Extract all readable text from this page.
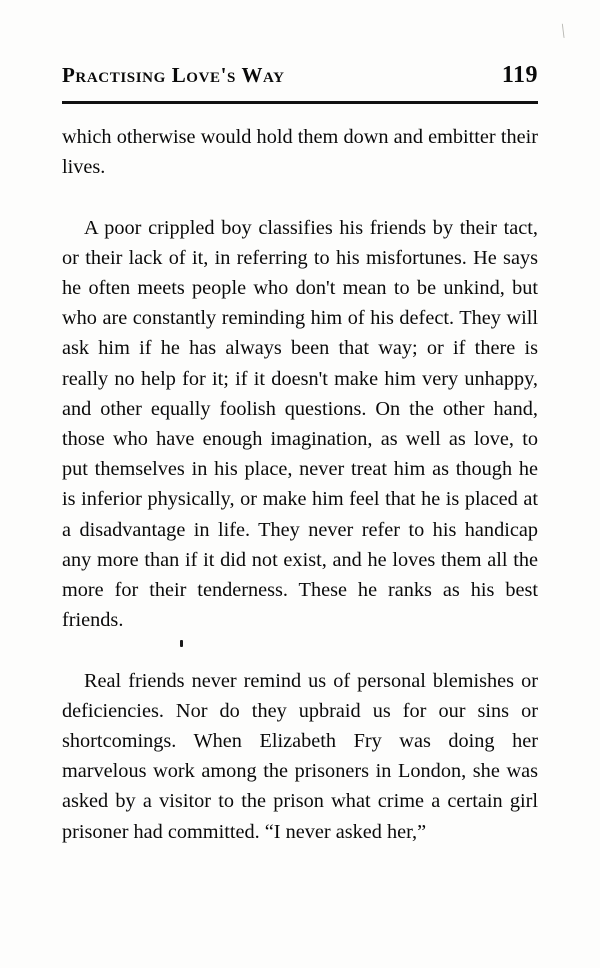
\
Practising Love's Way	119

which otherwise would hold them down and embitter their lives.

A poor crippled boy classifies his friends by their tact, or their lack of it, in referring to his misfortunes. He says he often meets people who don't mean to be unkind, but who are constantly reminding him of his defect. They will ask him if he has always been that way; or if there is really no help for it; if it doesn't make him very unhappy, and other equally foolish questions. On the other hand, those who have enough imagination, as well as love, to put themselves in his place, never treat him as though he is inferior physically, or make him feel that he is placed at a disadvantage in life. They never refer to his handicap any more than if it did not exist, and he loves them all the more for their tenderness. These he ranks as his best friends.

Real friends never remind us of personal blemishes or deficiencies. Nor do they upbraid us for our sins or shortcomings. When Elizabeth Fry was doing her marvelous work among the prisoners in London, she was asked by a visitor to the prison what crime a certain girl prisoner had committed. “I never asked her,”
